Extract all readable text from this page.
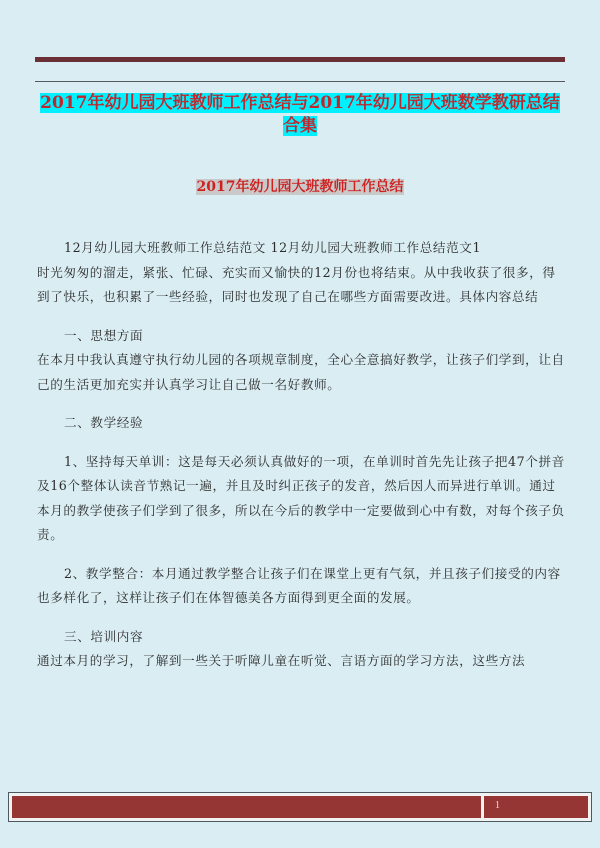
2017年幼儿园大班教师工作总结与2017年幼儿园大班数学教研总结合集
2017年幼儿园大班教师工作总结

12月幼儿园大班教师工作总结范文 12月幼儿园大班教师工作总结范文1

时光匆匆的溜走，紧张、忙碌、充实而又愉快的12月份也将结束。从中我收获了很多，得到了快乐，也积累了一些经验，同时也发现了自己在哪些方面需要改进。具体内容总结

一、思想方面

在本月中我认真遵守执行幼儿园的各项规章制度，全心全意搞好教学，让孩子们学到，让自己的生活更加充实并认真学习让自己做一名好教师。

二、教学经验

1、坚持每天单训：这是每天必须认真做好的一项，在单训时首先先让孩子把47个拼音及16个整体认读音节熟记一遍，并且及时纠正孩子的发音，然后因人而异进行单训。通过本月的教学使孩子们学到了很多，所以在今后的教学中一定要做到心中有数，对每个孩子负责。

2、教学整合：本月通过教学整合让孩子们在课堂上更有气氛，并且孩子们接受的内容也多样化了，这样让孩子们在体智德美各方面得到更全面的发展。

三、培训内容

通过本月的学习，了解到一些关于听障儿童在听觉、言语方面的学习方法，这些方法

1
